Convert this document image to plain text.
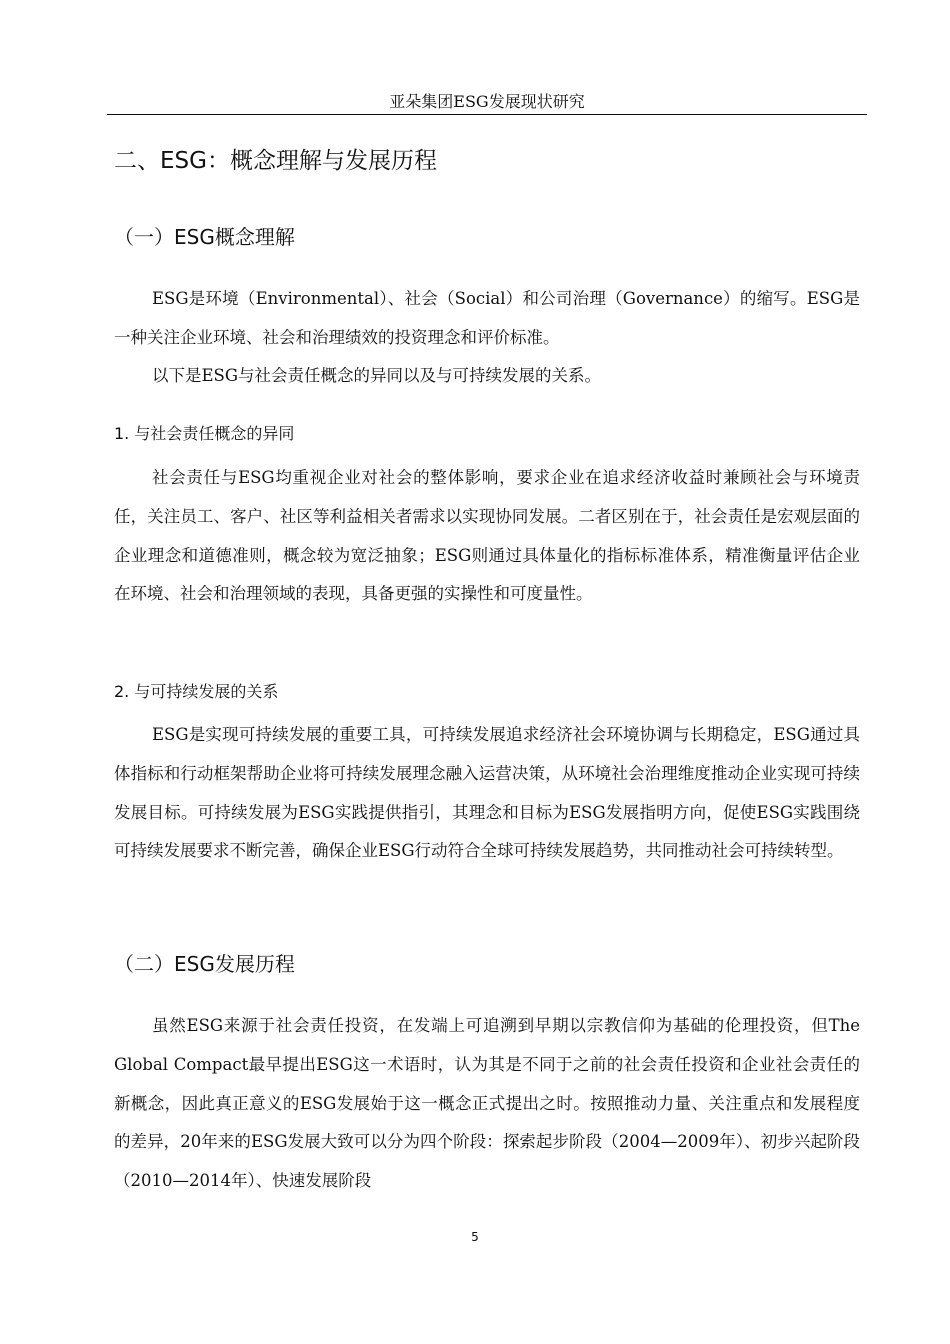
亚朵集团ESG发展现状研究
二、ESG：概念理解与发展历程
（一）ESG概念理解

ESG是环境（Environmental）、社会（Social）和公司治理（Governance）的缩写。ESG是一种关注企业环境、社会和治理绩效的投资理念和评价标准。

以下是ESG与社会责任概念的异同以及与可持续发展的关系。

1. 与社会责任概念的异同

社会责任与ESG均重视企业对社会的整体影响，要求企业在追求经济收益时兼顾社会与环境责任，关注员工、客户、社区等利益相关者需求以实现协同发展。二者区别在于，社会责任是宏观层面的企业理念和道德准则，概念较为宽泛抽象；ESG则通过具体量化的指标标准体系，精准衡量评估企业在环境、社会和治理领域的表现，具备更强的实操性和可度量性。

2. 与可持续发展的关系

ESG是实现可持续发展的重要工具，可持续发展追求经济社会环境协调与长期稳定，ESG通过具体指标和行动框架帮助企业将可持续发展理念融入运营决策，从环境社会治理维度推动企业实现可持续发展目标。可持续发展为ESG实践提供指引，其理念和目标为ESG发展指明方向，促使ESG实践围绕可持续发展要求不断完善，确保企业ESG行动符合全球可持续发展趋势，共同推动社会可持续转型。

（二）ESG发展历程

虽然ESG来源于社会责任投资，在发端上可追溯到早期以宗教信仰为基础的伦理投资，但The Global Compact最早提出ESG这一术语时，认为其是不同于之前的社会责任投资和企业社会责任的新概念，因此真正意义的ESG发展始于这一概念正式提出之时。按照推动力量、关注重点和发展程度的差异，20年来的ESG发展大致可以分为四个阶段：探索起步阶段（2004—2009年）、初步兴起阶段（2010—2014年）、快速发展阶段

5
